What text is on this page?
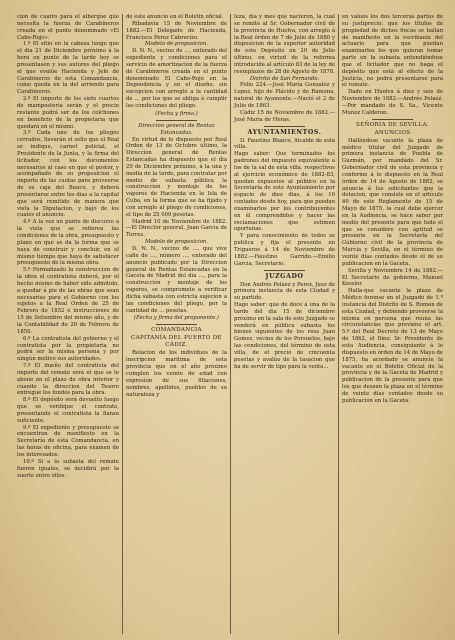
cion de cuatro para el albergue que necesita la fuerza de Carabineros creada en el punto denominado «El Cabo-Rojo».

1.º El sitio en la cabeza luego que el dia 21 de Diciembre próximo á la hora en punto de la tarde hoy se presentasen y sus autores del pliego el que evalúe Hacienda y Jefe de Carabineros de esta Comandancia, como queda en la del arriendo para Carabineros.

2.º El importe de los siete cuartos de mamposteria serán y el precio restante podrá ser de los colchones en beneficio de la propietaria que quedará en el mismo.

3.º Cada uno de los pliegos cerrados, llevarán el sello que el Real se indique, carnet policial, el Presidente de la Junta, y la firma del licitador, con los documentos necesarios al caso en que el postor, y acompañado de su proposicion el importe de las cuotas para proveerse de su caja del Banco, y deberá presentarse entre los dias a la capital que será remitido de manera que vista la Diputacion, y bajo de los cuales el anuncio.

4.º A la vez un punto de discurso a la vista que se refieren las condiciones de la obra, presupuesto y plano en que se da la forma que se haya de construir y concluir, en el mismo tiempo que haya de satisfacer presupuesto de la misma obra.

5.º Formalizado la construccion de la obra el contratista deberá, por el hecho mismo de haber sido admitido, a quedar á pie de las obras que sean necesarias para el Gobierno con los sujetos a la Real Orden de 25 de Febrero de 1852 e instrucciones de 15 de Setiembre del mismo año, y de la Contabilidad de 20 de Febrero de 1850.

6.º La contratista del gobierno y el contratista por la propietaria no podrá ser la misma persona y por ningún motivo sus autoridades.

7.º El dueño del contratista del importe del remate será el que se le abone en el plazo de obra interior y cuando la direccion del Tesoro entregue los fondos para la obra.

8.º El depósito será devuelto luego que se verifique el contrato, presentando el contratista la fianza suficiente.

9.º El expediente y presupuesto se encuentran de manifiesto en la Secretaría de esta Comandancia, en las horas de oficina, para examen de los interesados.

10.º Si a la subasta del remate fueren iguales, se decidirá por la suerte entre ellos.

de este anuncio en el Boletin oficial.

Ribadavia 15 de Noviembre de 1882.—El Delegado de Hacienda, Francisco Perez Cabrerizo.

Modelo de proposicion.

D. N. N., vecino de ..., enterado del expediente y condiciones para el servicio de amortizacion de la fuerza de Carabineros creada en el punto denominado El Cabo-Rojo en la Dependencia y en el diseño, sin excepcion con arreglo a la cantidad de ... por los que se obliga á cumplir las condiciones del pliego.

(Fecha y firma.)

Direccion general de Rentas Estancadas.

En virtud de lo dispuesto por Real Orden de 13 de Octubre último, la Direccion general de Rentas Estancadas ha dispuesto que el dia 29 de Diciembre próximo, á la una y media de la tarde, para contratar por medio de subasta pública la construccion y montaje de los vapores de Hacienda en la Isla de Cuba, en la forma que se ha fijado y con arreglo al pliego de condiciones, el tipo de 25 000 pesetas.

Madrid 10 de Noviembre de 1882.—El Director general, Juan Garcia de Torres.

Modelo de proposicion.

D. N. N., vecino de ..., que vive calle de ..., número ..., enterado del anuncio publicado por la Direccion general de Rentas Estancadas en la Gaceta de Madrid del dia ..., para la construccion y montaje de los vapores, se compromete a verificar dicha subasta con estricta sujecion a las condiciones del pliego, por la cantidad de ... pesetas.

(Fecha y firma del proponente.)

COMANDANCIA
CAPITANÍA DEL PUERTO DE CÁDIZ.

Relacion de los individuos de la inscripcion marítima de esta provincia que en el año próximo cumplen los veinte de edad con expresion de sus filiaciones, nombres, apellidos, pueblos de su naturaleza y

leza, dia y mes que nacieron, la cual se remite al Sr. Gobernador civil de la provincia de Huelva, con arreglo á la Real órden de 7 de Julio de 1880 y disposicion de la superior autoridad de este Depósito en 20 de Julio último, en virtud de la reforma introducida al artículo 83 de la ley de reemplazos de 28 de Agosto de 1878.

Distrito de San Fernando.

Folio 224.—José María Gonzalez y Lopez, hijo de Plácido y de Ramona, natural de Ayamonte.—Nació el 2 de Julio de 1863.

Cádiz 15 de Noviembre de 1882.—José Maria de Heras.

AYUNTAMIENTOS.

D. Faustino Blanco, Alcalde de esta villa.
Hago saber: Que terminados los padrones del impuesto equivalente a los de la sal de esta villa, respectivos al ejercicio económico de 1882-83, quedan expuestos al público en la Secretaría de este Ayuntamiento por espacio de diez dias, á los 10 contados desde hoy, para que puedan examinarlos por los contribuyentes en él comprendidos y hacer las reclamaciones que estimen oportunas.

Y para conocimiento de todos se publica y fija el presente en Trigueros á 14 de Noviembre de 1882.—Faustino Garrido.—Emilio Garcia, Secretario.

JUZGADO

Don Andrés Pelaez y Perez, Juez de primera instancia de esta Ciudad y su partido.
Hago saber: que de doce á una de la tarde del dia 15 de diciembre próximo en la sala de este Juzgado se venderá en pública subasta los bienes siguientes de los reos Juan Gomez, vecino de los Porsuelos, bajo las condiciones, del término de esta villa, de el precio de cincuenta pesetas y avalúo de la tasacion que ha de servir de tipo para la venta...

en valuos los dos terceras partes de su justiprecio: que los títulos de propiedad de dichos fincas se hallan de manifiesto en la escribania del actuario para que puedan examinarlos los que quieran tomar parte en la subasta entendiéndose que el licitador que no haga el depósito que está al efecto de la Justicia, no podrá presentarse para el remate.

Dado en Huelva á diez y seis de Noviembre de 1882.—Andrés Pelaez.—Por mandado de S. Sa., Vicente Munoz Calderon.

SEÑORÍA DE SEVILLA.
ANUNCIOS

Hallándose vacante la plaza de médico titular del Juzgado de primera instancia de Puebla de Guzmán, por mandado del Sr. Gobernador civil de esta provincia y conforme á lo dispuesto en la Real órden de 14 de Agosto de 1882, se anuncia á los solicitantes que la dotacion, que consiste en el artículo 40 de este Reglamento de 15 de Mayo de 1875, la cual debe ejercer en la Audiencia, se hace saber por medio del presente para que todo el que se considere con aptitud se presente en la Secretaría del Gobierno civil de la provincia de Murcia y Sevilla, en el término de veinte dias contados desde el de su publicacion en la Gaceta.

Sevilla y Noviembre 14 de 1882.—El Secretario de gobierno, Manuel Kessler.

Halla-que vacante la plaza de Médico forense en el Juzgado de 1.ª instancia del Distrito de S. Roman de esta Ciudad, y debiendo proveerse la misma en persona que reuna las circunstancias que previene el art. 5.º del Real Decreto de 13 de Mayo de 1862, el Ilmo. Sr. Presidente de esta Audiencia, consiguiente á lo dispuesto en órden de 14 de Mayo de 1875, ha acordado se anuncie la vacante en el Boletin Oficial de la provincia y de la Gaceta de Madrid y publicacion de la presente para que los que deseen la plaza en el término de veinte dias contados desde su publicacion en la Gaceta.
